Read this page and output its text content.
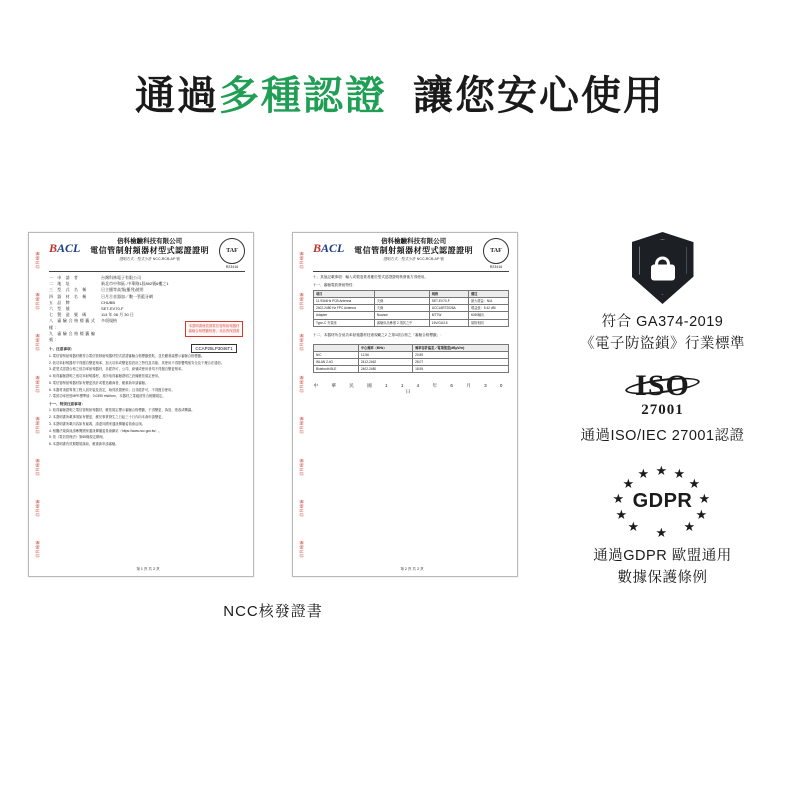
通過多種認證 讓您安心使用
倍科檢驗
倍科檢驗
倍科檢驗
倍科檢驗
倍科檢驗
倍科檢驗
倍科檢驗
倍科檢驗
BACL	倍科檢驗科技有限公司
電信管制射頻器材型式認證證明
證明方式：型式少許 NCC-RCB-AP 號
TAF
R23416
一 申 請 者	台灣科林電子有限公司
二 地 址	新北市中和區..中華路1段892號6樓之1
三 型 式 名 稱	日主播等高頻(播列)使用
四 器 材 名 稱	日月合音器加／數一管藍牙網
五 品 牌	CHUBB
六 型 號	SET-EV70-F
七 製 造 號 碼	114 年 06 月 30 日
八 審驗合格標籤式樣：
多項規格
九 審驗合格標籤編號：
本證明書係依據電信管制射頻器材審驗合格標籤核發，非品質保證書
CCAP25LP3046T1
十、注意事項：

1. 電信管制射頻器材應符合電信管制射頻器材型式認證審驗合格標籤張貼，並於顯著處標示審驗合格標籤。

2. 低功率射頻器材不得擅自變更頻率、加大功率或變更原設計之特性及功能；其使用不得影響飛航安全及干擾合法通信。

3. 經型式認證合格之低功率射頻器材，非經許可，公司、商號或使用者均不得擅自變更頻率。

4. 取得審驗證明之低功率射頻器材，其所取得審驗證明之設備應依規定使用。

5. 電信管制射頻器材如有變更設計或製造廠商者，應重新申請審驗。

6. 本器材須經專業工程人員安裝及設定，始得設置使用；且非經許可，不得擅自使用。

7. 電波功率密度MPE標準值：0.0390 mW/cm²，本器材之電磁波符合相關規定。

十一、特別注意事項：

1. 取得審驗證明之電信管制射頻器材，應依規定標示審驗合格標籤，不得變更、偽造、塗改或轉讓。

2. 本證明書所載事項如有變更，應於事實發生之日起三十日內向本會申請變更。

3. 本證明書所載內容如有疑義，請逕向國家通訊傳播委員會洽詢。

4. 相關法規資訊請參閱國家通訊傳播委員會網站（https://www.ncc.gov.tw）。

5. 依《電信管理法》第65條規定辦理。

6. 本證明書有效期限屆滿前，應重新申請審驗。

第 1 頁 共 2 頁
倍科檢驗
倍科檢驗
倍科檢驗
倍科檢驗
倍科檢驗
倍科檢驗
倍科檢驗
倍科檢驗
BACL	倍科檢驗科技有限公司
電信管制射頻器材型式認證證明
證明方式：型式少許 NCC-RCB-AP 號
TAF
R23416
十、其他記載事項：輸入或製造業者應於型式認證證明核發後方得使用。
十一、審驗電波發射特性：
項目		規格	備註
11.9344Hz PCB Antenna	天線	SET-EV70-F	最大增益：N/A
2402-2480 Hz FPC Antenna	天線	UCCL6RT2026A	增益值：5.42 dBi
Adapter	Nuance	MTTW	6030輸出
Type-C 充電座	審驗用品參照 2 項其之中	15V/GU3.5	規格相同
十二、本器材所含低功率射頻器材技術規範之2 之第1項合格之「審驗合格標籤」：
	中心頻率（MHz）	頻率容許偏差／電場強度(dBμV/m)
N/C	12.56	20.89
WLAN 2.4G	2412-2462	28.07
Bluetooth BLE	2402-2480	18.95
中 華 民 國 1 1 4 年 6 月 3 0 日
第 2 頁 共 2 頁
NCC核發證書
符合 GA374-2019
《電子防盜鎖》行業標準
ISO
27001
通過ISO/IEC 27001認證
★
★ ★
★	★
★	★
★	★
★	★
★
GDPR
通過GDPR 歐盟通用
數據保護條例
